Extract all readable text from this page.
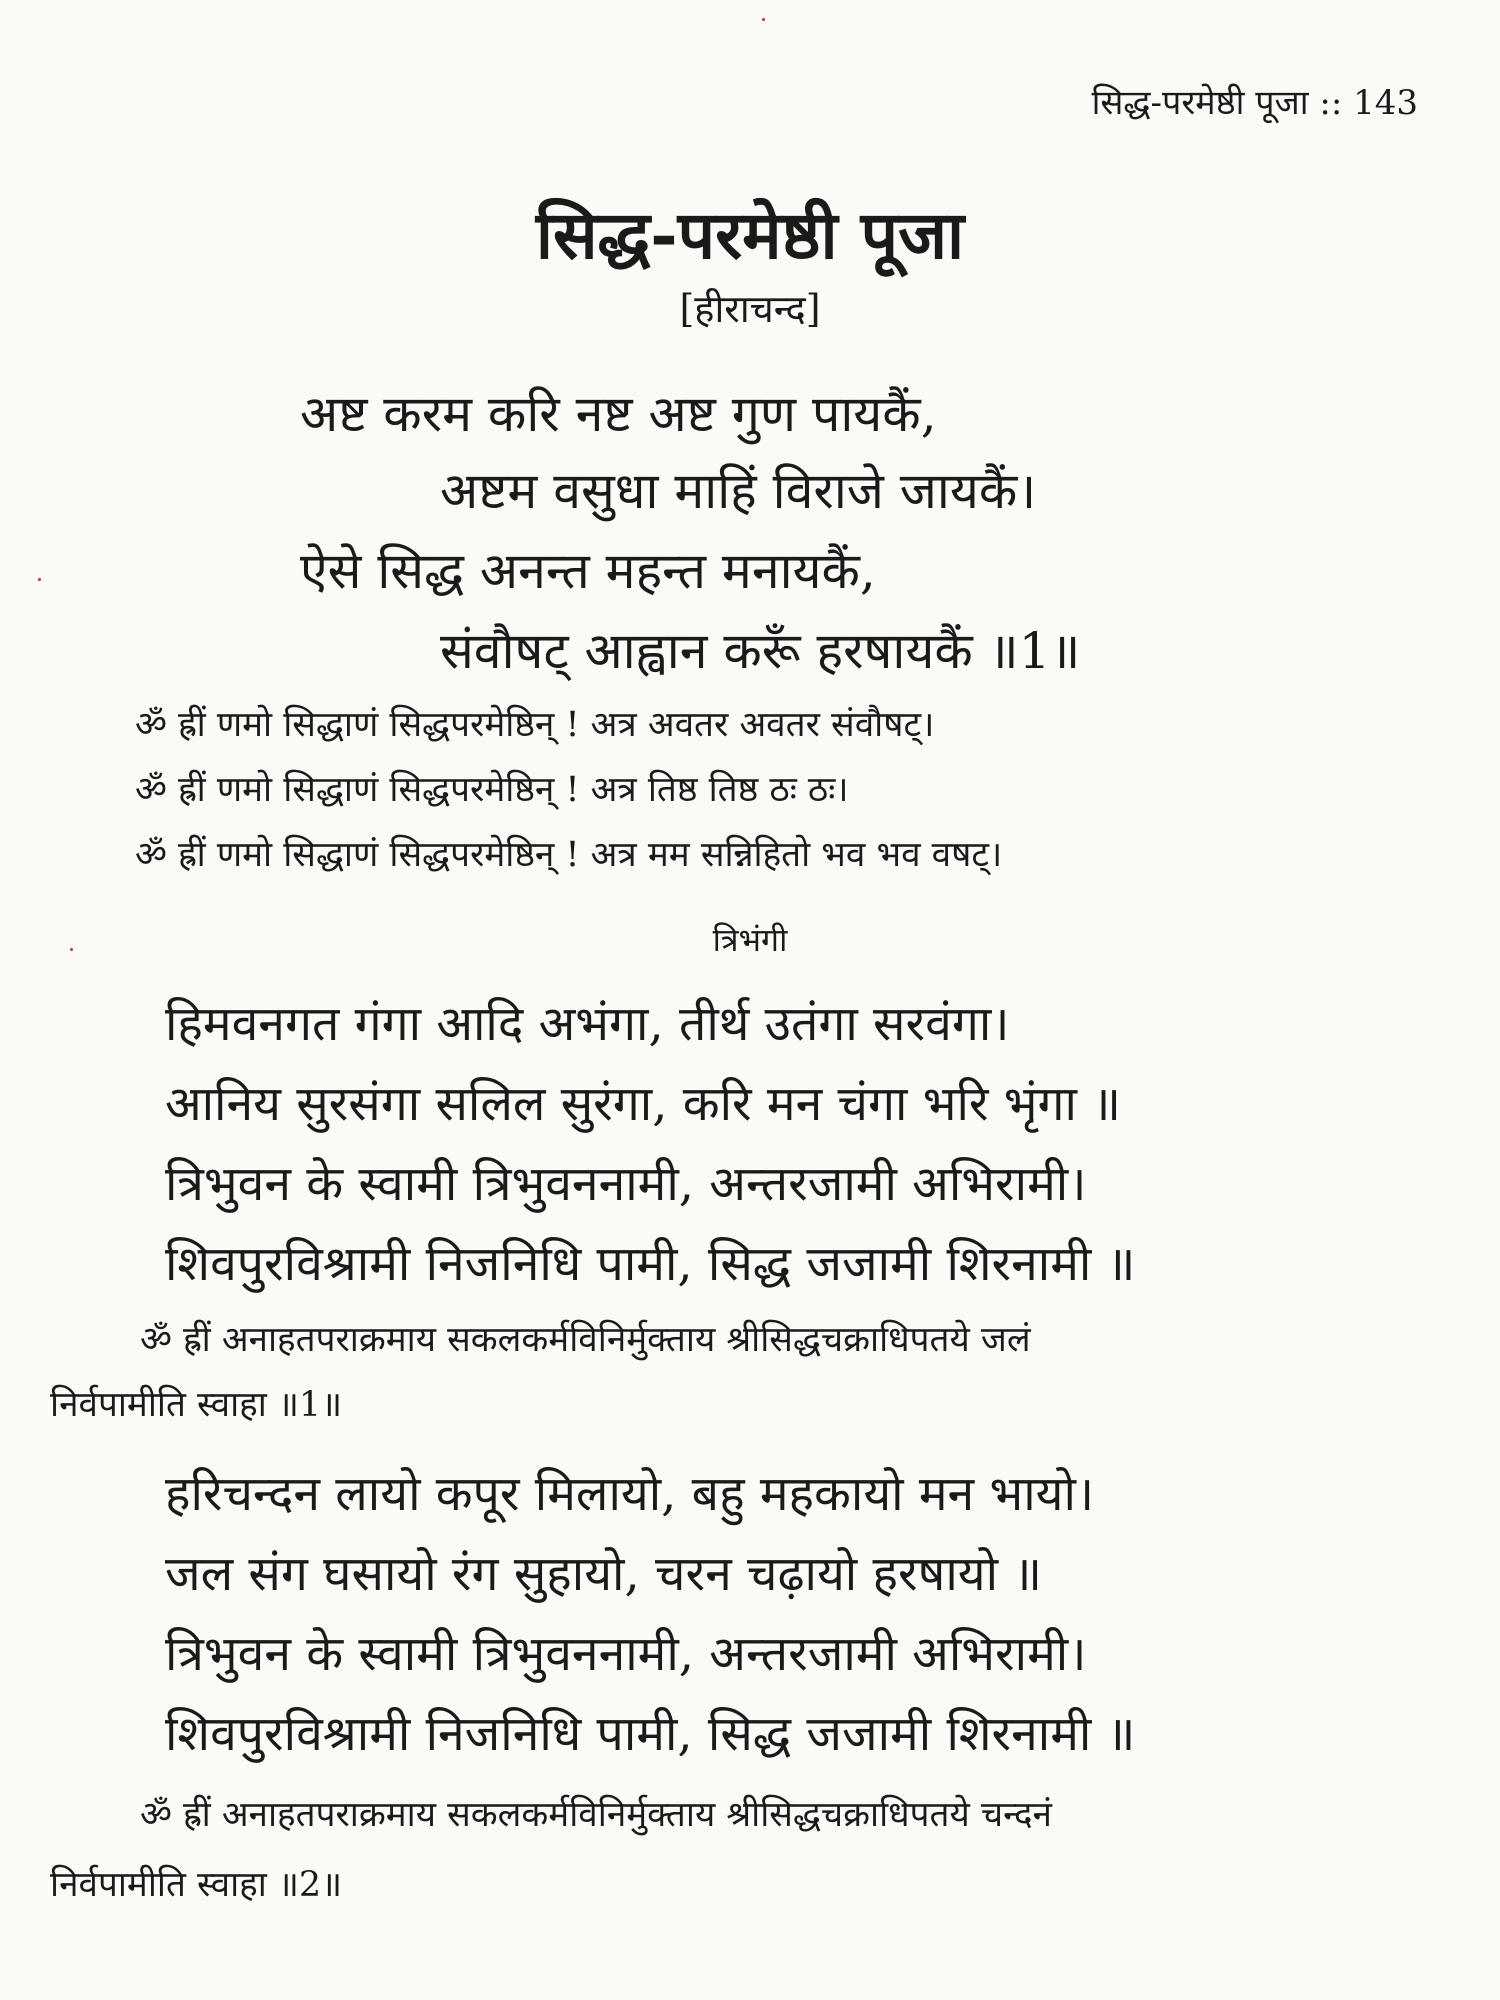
सिद्ध-परमेष्ठी पूजा :: 143
सिद्ध-परमेष्ठी पूजा
[हीराचन्द]
अष्ट करम करि नष्ट अष्ट गुण पायकैं,
अष्टम वसुधा माहिं विराजे जायकैं।
ऐसे सिद्ध अनन्त महन्त मनायकैं,
संवौषट् आह्वान करूँ हरषायकैं ॥1॥
ॐ ह्रीं णमो सिद्धाणं सिद्धपरमेष्ठिन् ! अत्र अवतर अवतर संवौषट्।
ॐ ह्रीं णमो सिद्धाणं सिद्धपरमेष्ठिन् ! अत्र तिष्ठ तिष्ठ ठः ठः।
ॐ ह्रीं णमो सिद्धाणं सिद्धपरमेष्ठिन् ! अत्र मम सन्निहितो भव भव वषट्।
त्रिभंगी
हिमवनगत गंगा आदि अभंगा, तीर्थ उतंगा सरवंगा।
आनिय सुरसंगा सलिल सुरंगा, करि मन चंगा भरि भृंगा ॥
त्रिभुवन के स्वामी त्रिभुवननामी, अन्तरजामी अभिरामी।
शिवपुरविश्रामी निजनिधि पामी, सिद्ध जजामी शिरनामी ॥
ॐ ह्रीं अनाहतपराक्रमाय सकलकर्मविनिर्मुक्ताय श्रीसिद्धचक्राधिपतये जलं
निर्वपामीति स्वाहा ॥1॥
हरिचन्दन लायो कपूर मिलायो, बहु महकायो मन भायो।
जल संग घसायो रंग सुहायो, चरन चढ़ायो हरषायो ॥
त्रिभुवन के स्वामी त्रिभुवननामी, अन्तरजामी अभिरामी।
शिवपुरविश्रामी निजनिधि पामी, सिद्ध जजामी शिरनामी ॥
ॐ ह्रीं अनाहतपराक्रमाय सकलकर्मविनिर्मुक्ताय श्रीसिद्धचक्राधिपतये चन्दनं
निर्वपामीति स्वाहा ॥2॥
